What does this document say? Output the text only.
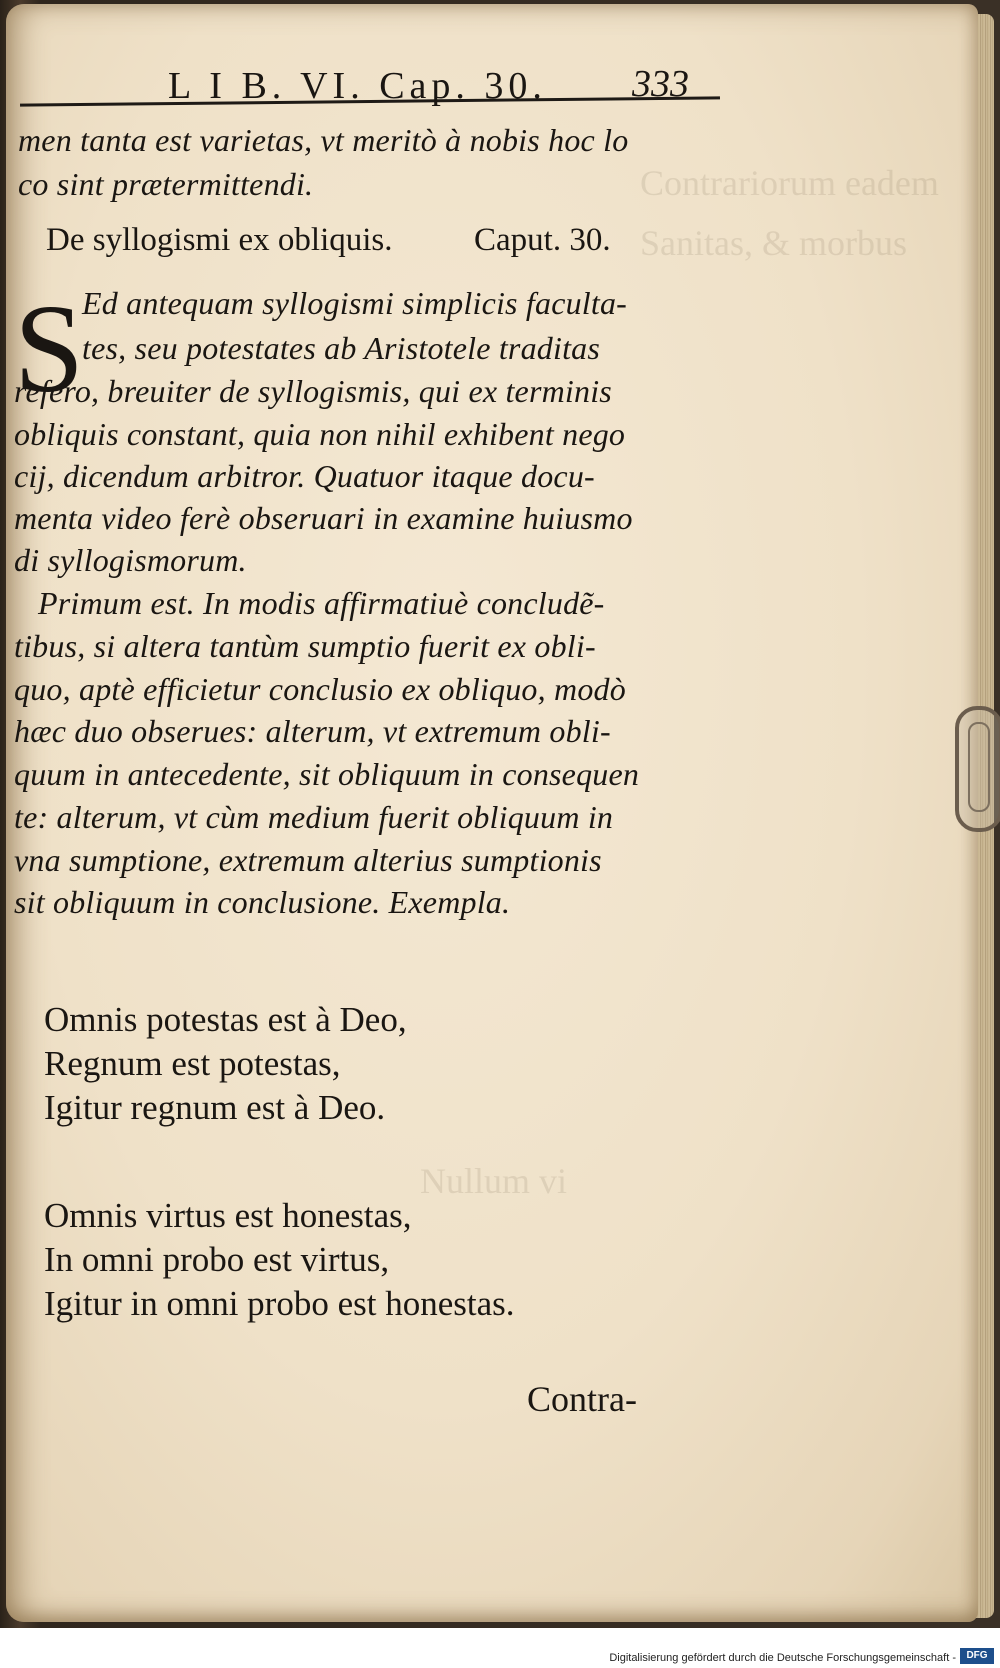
Contrariorum eadem
Sanitas, & morbus
Nullum vi
L I B. VI. Cap. 30. 333
men tanta est varietas, vt meritò à nobis hoc lo
co sint prætermittendi.
De syllogismi ex obliquis. Caput. 30.
S
Ed antequam syllogismi simplicis faculta-
tes, seu potestates ab Aristotele traditas
refero, breuiter de syllogismis, qui ex terminis
obliquis constant, quia non nihil exhibent nego
cij, dicendum arbitror. Quatuor itaque docu-
menta video ferè obseruari in examine huiusmo
di syllogismorum.
Primum est. In modis affirmatiuè concludẽ-
tibus, si altera tantùm sumptio fuerit ex obli-
quo, aptè efficietur conclusio ex obliquo, modò
hæc duo obserues: alterum, vt extremum obli-
quum in antecedente, sit obliquum in consequen
te: alterum, vt cùm medium fuerit obliquum in
vna sumptione, extremum alterius sumptionis
sit obliquum in conclusione. Exempla.
Omnis potestas est à Deo,
Regnum est potestas,
Igitur regnum est à Deo.
Omnis virtus est honestas,
In omni probo est virtus,
Igitur in omni probo est honestas.
Contra-
Digitalisierung gefördert durch die Deutsche Forschungsgemeinschaft -	DFG
